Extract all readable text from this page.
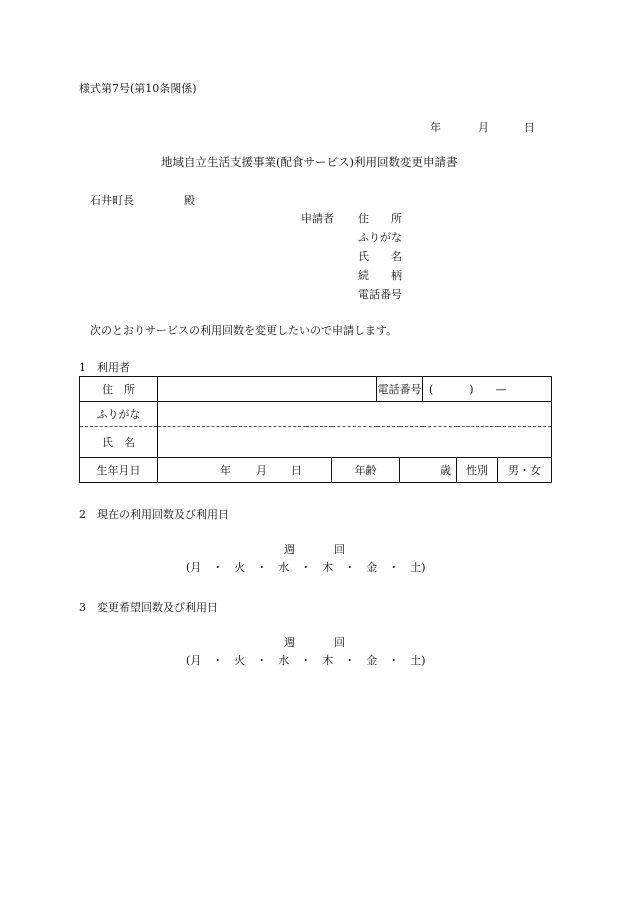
様式第7号(第10条関係)
年	月	日
地域自立生活支援事業(配食サービス)利用回数変更申請書
石井町長	殿
申請者 住　　所
ふりがな
氏　　名
続　　柄
電話番号
次のとおりサービスの利用回数を変更したいので申請します。
1　利用者
住　所			電話番号		( ) —		
ふりがな							
氏　名							
生年月日	年 月 日	年齢		歳		性別	男・女
2　現在の利用回数及び利用日
週	回
(月　・　火　・　水　・　木　・　金　・　土)
3　変更希望回数及び利用日
週	回
(月　・　火　・　水　・　木　・　金　・　土)
